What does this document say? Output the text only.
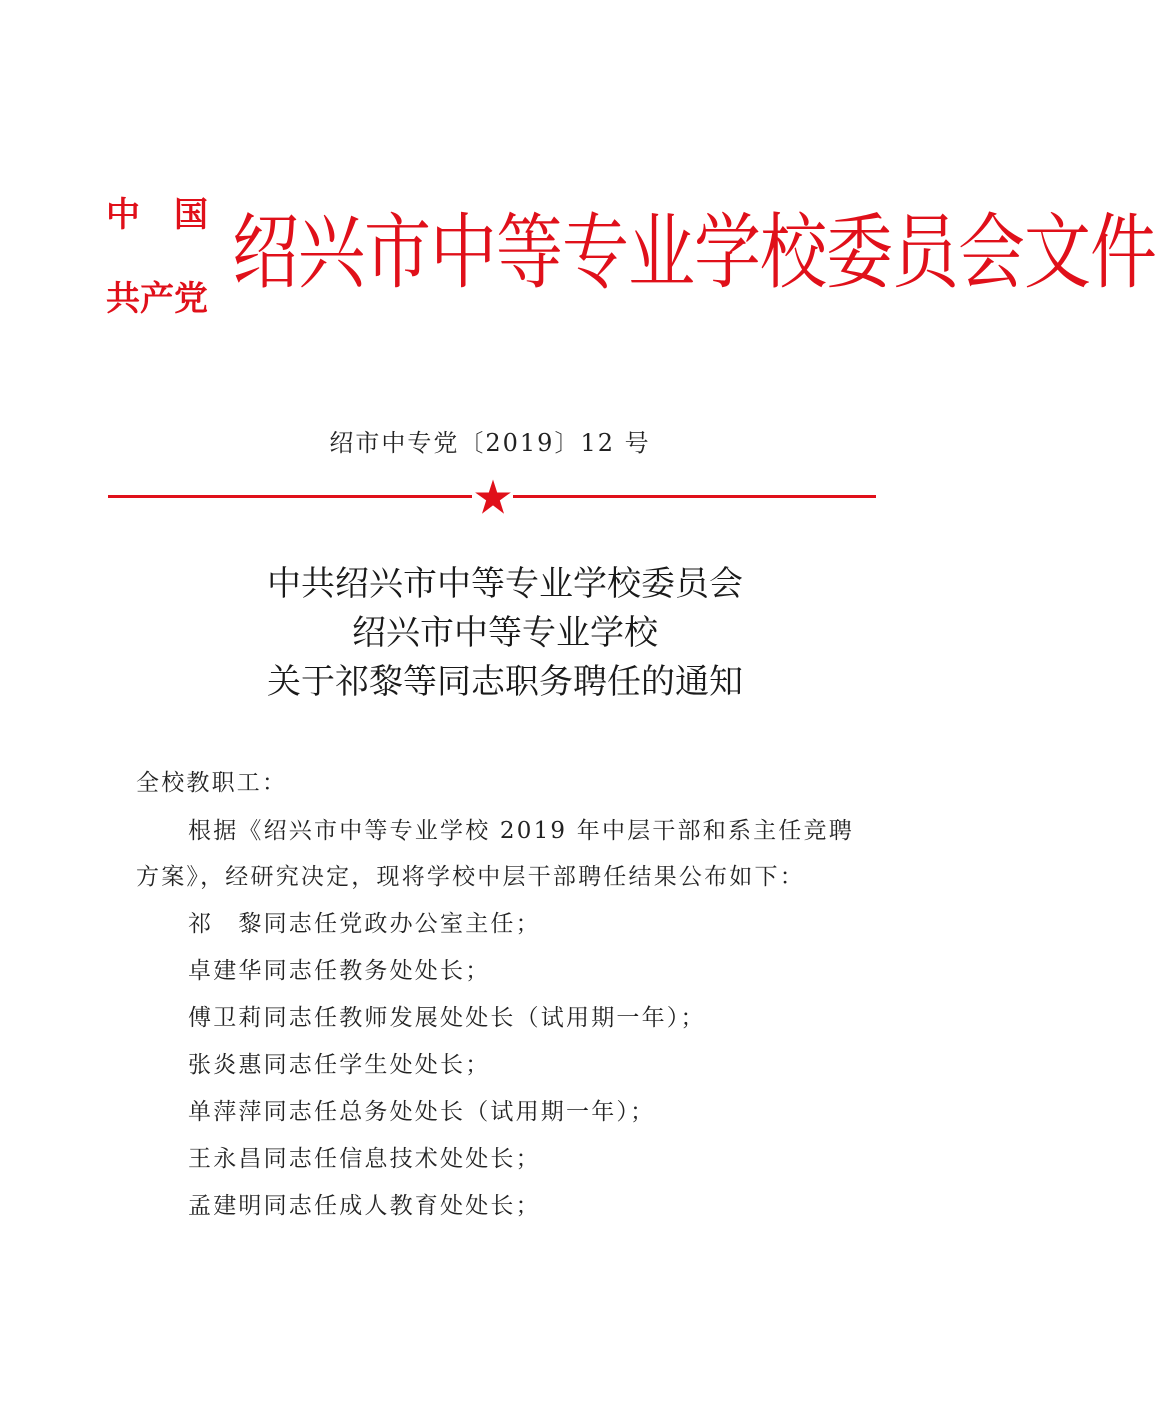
中 国
共产党 绍兴市中等专业学校委员会文件
绍市中专党〔2019〕12 号
中共绍兴市中等专业学校委员会
绍兴市中等专业学校
关于祁黎等同志职务聘任的通知
全校教职工：
根据《绍兴市中等专业学校 2019 年中层干部和系主任竞聘
方案》，经研究决定，现将学校中层干部聘任结果公布如下：
祁　黎同志任党政办公室主任；
卓建华同志任教务处处长；
傅卫莉同志任教师发展处处长（试用期一年）；
张炎惠同志任学生处处长；
单萍萍同志任总务处处长（试用期一年）；
王永昌同志任信息技术处处长；
孟建明同志任成人教育处处长；
